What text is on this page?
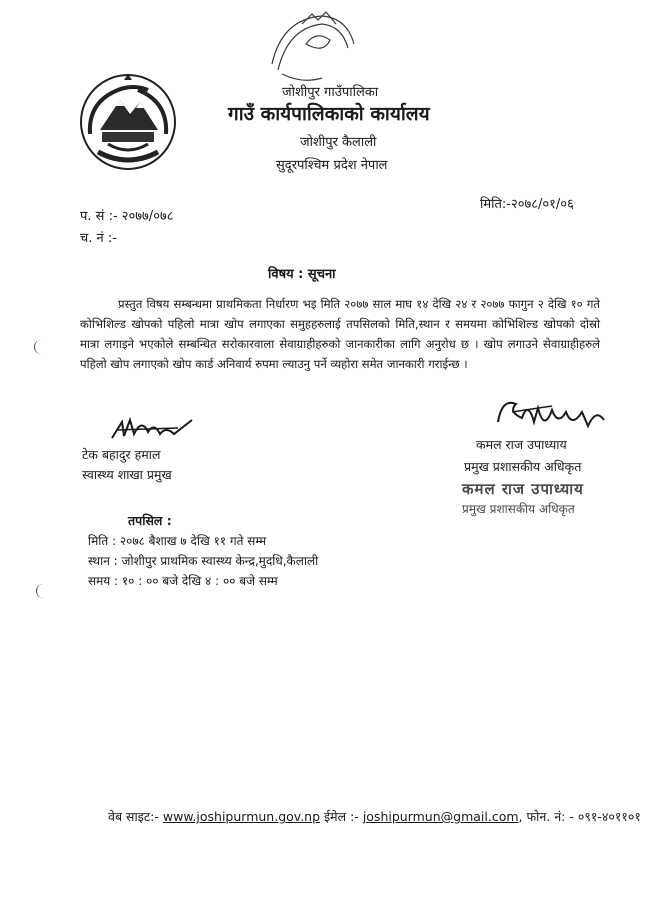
जोशीपुर गाउँपालिका
गाउँ कार्यपालिकाको कार्यालय
जोशीपुर कैलाली
सुदूरपश्चिम प्रदेश नेपाल
प. सं :- २०७७/०७८
मिति:-२०७८/०१/०६
च. नं :-
विषय : सूचना
प्रस्तुत विषय सम्बन्धमा प्राथमिकता निर्धारण भइ मिति २०७७ साल माघ १४ देखि २४ र २०७७ फागुन २ देखि १० गते कोभिशिल्ड खोपको पहिलो मात्रा खोप लगाएका समुहहरुलाई तपसिलको मिति,स्थान र समयमा कोभिशिल्ड खोपको दोस्रो मात्रा लगाइने भएकोले सम्बन्धित सरोकारवाला सेवाग्राहीहरुको जानकारीका लागि अनुरोध छ । खोप लगाउने सेवाग्राहीहरुले पहिलो खोप लगाएको खोप कार्ड अनिवार्य रुपमा ल्याउनु पर्ने व्यहोरा समेत जानकारी गराईन्छ ।
टेक बहादुर हमाल
स्वास्थ्य शाखा प्रमुख
कमल राज उपाध्याय
प्रमुख प्रशासकीय अधिकृत
कमल राज उपाध्याय
प्रमुख प्रशासकीय अधिकृत
तपसिल :
मिति : २०७८ बैशाख ७ देखि ११ गते सम्म
स्थान : जोशीपुर प्राथमिक स्वास्थ्य केन्द्र,मुदधि,कैलाली
समय : १० : ०० बजे देखि ४ : ०० बजे सम्म
वेब साइट:- www.joshipurmun.gov.np ईमेल :- joshipurmun@gmail.com, फोन. नं: - ०९१-४०११०१
